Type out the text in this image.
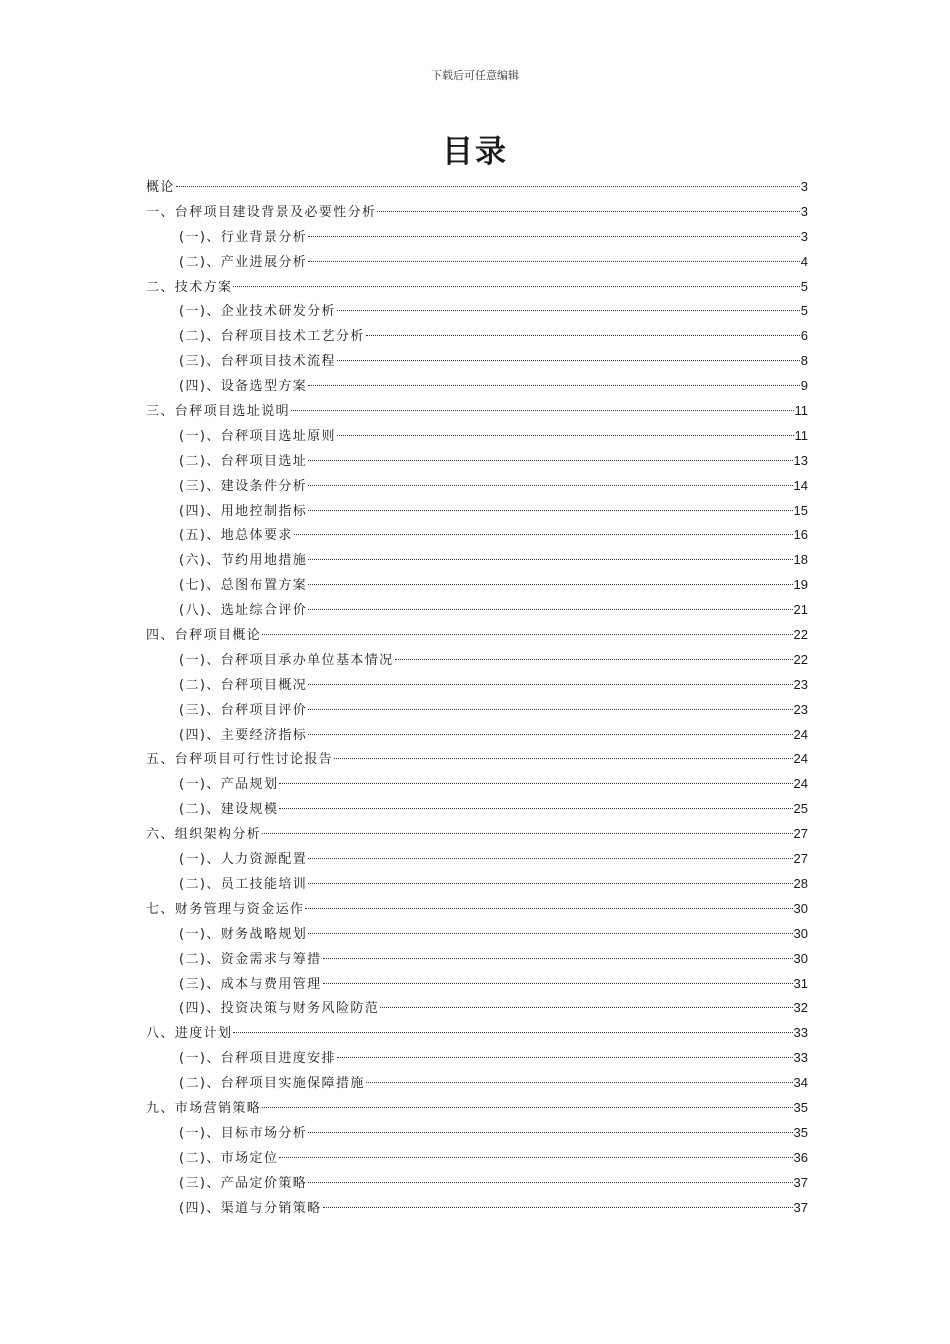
下载后可任意编辑
目录
概论	3
一、台秤项目建设背景及必要性分析	3
(一)、行业背景分析	3
(二)、产业进展分析	4
二、技术方案	5
(一)、企业技术研发分析	5
(二)、台秤项目技术工艺分析	6
(三)、台秤项目技术流程	8
(四)、设备选型方案	9
三、台秤项目选址说明	11
(一)、台秤项目选址原则	11
(二)、台秤项目选址	13
(三)、建设条件分析	14
(四)、用地控制指标	15
(五)、地总体要求	16
(六)、节约用地措施	18
(七)、总图布置方案	19
(八)、选址综合评价	21
四、台秤项目概论	22
(一)、台秤项目承办单位基本情况	22
(二)、台秤项目概况	23
(三)、台秤项目评价	23
(四)、主要经济指标	24
五、台秤项目可行性讨论报告	24
(一)、产品规划	24
(二)、建设规模	25
六、组织架构分析	27
(一)、人力资源配置	27
(二)、员工技能培训	28
七、财务管理与资金运作	30
(一)、财务战略规划	30
(二)、资金需求与筹措	30
(三)、成本与费用管理	31
(四)、投资决策与财务风险防范	32
八、进度计划	33
(一)、台秤项目进度安排	33
(二)、台秤项目实施保障措施	34
九、市场营销策略	35
(一)、目标市场分析	35
(二)、市场定位	36
(三)、产品定价策略	37
(四)、渠道与分销策略	37
